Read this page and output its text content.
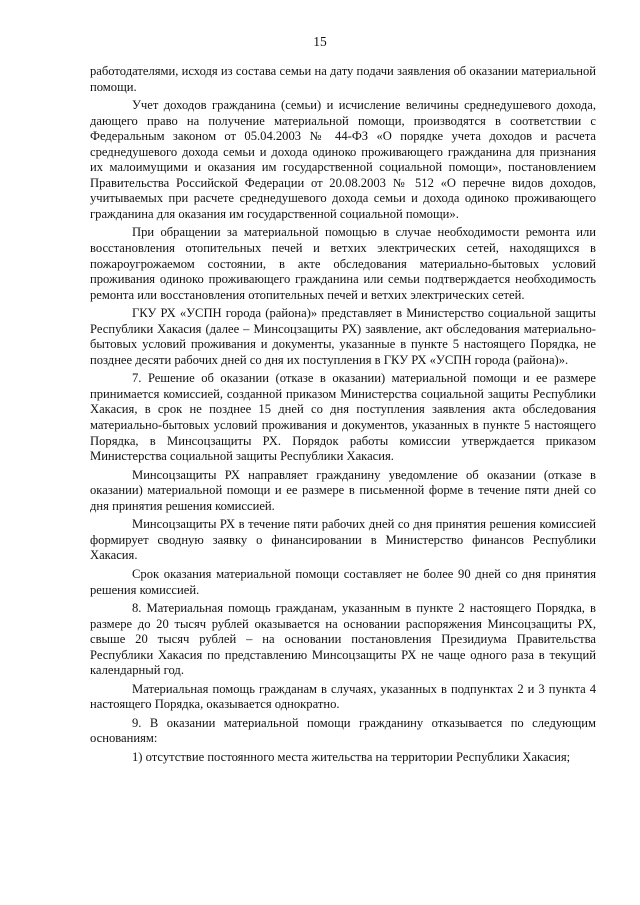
15

работодателями, исходя из состава семьи на дату подачи заявления об оказании материальной помощи.

Учет доходов гражданина (семьи) и исчисление величины среднедушевого дохода, дающего право на получение материальной помощи, производятся в соответствии с Федеральным законом от 05.04.2003 № 44-ФЗ «О порядке учета доходов и расчета среднедушевого дохода семьи и дохода одиноко проживающего гражданина для признания их малоимущими и оказания им государственной социальной помощи», постановлением Правительства Российской Федерации от 20.08.2003 № 512 «О перечне видов доходов, учитываемых при расчете среднедушевого дохода семьи и дохода одиноко проживающего гражданина для оказания им государственной социальной помощи».

При обращении за материальной помощью в случае необходимости ремонта или восстановления отопительных печей и ветхих электрических сетей, находящихся в пожароугрожаемом состоянии, в акте обследования материально-бытовых условий проживания одиноко проживающего гражданина или семьи подтверждается необходимость ремонта или восстановления отопительных печей и ветхих электрических сетей.

ГКУ РХ «УСПН города (района)» представляет в Министерство социальной защиты Республики Хакасия (далее – Минсоцзащиты РХ) заявление, акт обследования материально-бытовых условий проживания и документы, указанные в пункте 5 настоящего Порядка, не позднее десяти рабочих дней со дня их поступления в ГКУ РХ «УСПН города (района)».

7. Решение об оказании (отказе в оказании) материальной помощи и ее размере принимается комиссией, созданной приказом Министерства социальной защиты Республики Хакасия, в срок не позднее 15 дней со дня поступления заявления акта обследования материально-бытовых условий проживания и документов, указанных в пункте 5 настоящего Порядка, в Минсоцзащиты РХ. Порядок работы комиссии утверждается приказом Министерства социальной защиты Республики Хакасия.

Минсоцзащиты РХ направляет гражданину уведомление об оказании (отказе в оказании) материальной помощи и ее размере в письменной форме в течение пяти дней со дня принятия решения комиссией.

Минсоцзащиты РХ в течение пяти рабочих дней со дня принятия решения комиссией формирует сводную заявку о финансировании в Министерство финансов Республики Хакасия.

Срок оказания материальной помощи составляет не более 90 дней со дня принятия решения комиссией.

8. Материальная помощь гражданам, указанным в пункте 2 настоящего Порядка, в размере до 20 тысяч рублей оказывается на основании распоряжения Минсоцзащиты РХ, свыше 20 тысяч рублей – на основании постановления Президиума Правительства Республики Хакасия по представлению Минсоцзащиты РХ не чаще одного раза в текущий календарный год.

Материальная помощь гражданам в случаях, указанных в подпунктах 2 и 3 пункта 4 настоящего Порядка, оказывается однократно.

9. В оказании материальной помощи гражданину отказывается по следующим основаниям:

1) отсутствие постоянного места жительства на территории Республики Хакасия;
